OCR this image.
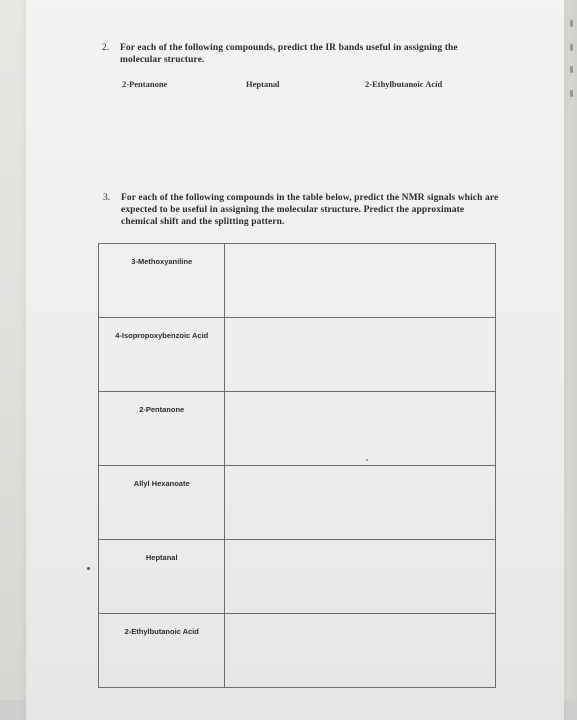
2. For each of the following compounds, predict the IR bands useful in assigning the molecular structure.
2-Pentanone	Heptanal	2-Ethylbutanoic Acid
3. For each of the following compounds in the table below, predict the NMR signals which are expected to be useful in assigning the molecular structure. Predict the approximate chemical shift and the splitting pattern.
3-Methoxyaniline	
4-Isopropoxybenzoic Acid	
2-Pentanone	
Allyl Hexanoate	
Heptanal	
2-Ethylbutanoic Acid	
